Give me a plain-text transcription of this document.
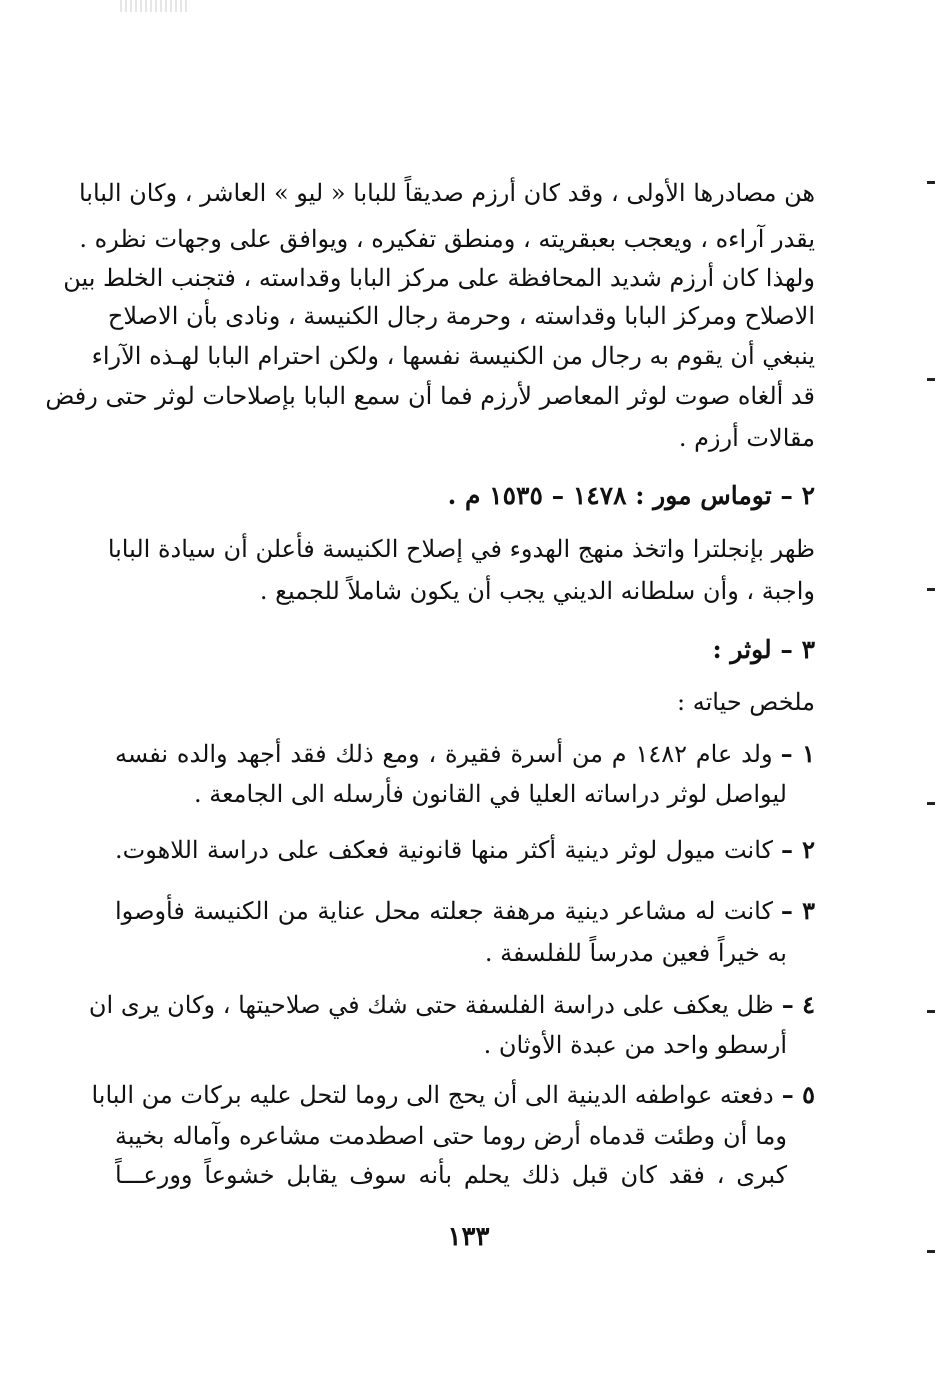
هن مصادرها الأولى ، وقد كان أرزم صديقاً للبابا « ليو » العاشر ، وكان البابا
يقدر آراءه ، ويعجب بعبقريته ، ومنطق تفكيره ، ويوافق على وجهات نظره .
ولهذا كان أرزم شديد المحافظة على مركز البابا وقداسته ، فتجنب الخلط بين
الاصلاح ومركز البابا وقداسته ، وحرمة رجال الكنيسة ، ونادى بأن الاصلاح
ينبغي أن يقوم به رجال من الكنيسة نفسها ، ولكن احترام البابا لهـذه الآراء
قد ألغاه صوت لوثر المعاصر لأرزم فما أن سمع البابا بإصلاحات لوثر حتى رفض
مقالات أرزم .
٢ – توماس مور : ١٤٧٨ – ١٥٣٥ م .
ظهر بإنجلترا واتخذ منهج الهدوء في إصلاح الكنيسة فأعلن أن سيادة البابا
واجبة ، وأن سلطانه الديني يجب أن يكون شاملاً للجميع .
٣ – لوثر :
ملخص حياته :
١ –ولد عام ١٤٨٢ م من أسرة فقيرة ، ومع ذلك فقد أجهد والده نفسه
ليواصل لوثر دراساته العليا في القانون فأرسله الى الجامعة .
٢ –كانت ميول لوثر دينية أكثر منها قانونية فعكف على دراسة اللاهوت.
٣ –كانت له مشاعر دينية مرهفة جعلته محل عناية من الكنيسة فأوصوا
به خيراً فعين مدرساً للفلسفة .
٤ –ظل يعكف على دراسة الفلسفة حتى شك في صلاحيتها ، وكان يرى ان
أرسطو واحد من عبدة الأوثان .
٥ –دفعته عواطفه الدينية الى أن يحج الى روما لتحل عليه بركات من البابا
وما أن وطئت قدماه أرض روما حتى اصطدمت مشاعره وآماله بخيبة
كبرى ، فقد كان قبل ذلك يحلم بأنه سوف يقابل خشوعاً وورعـــاً
١٣٣
